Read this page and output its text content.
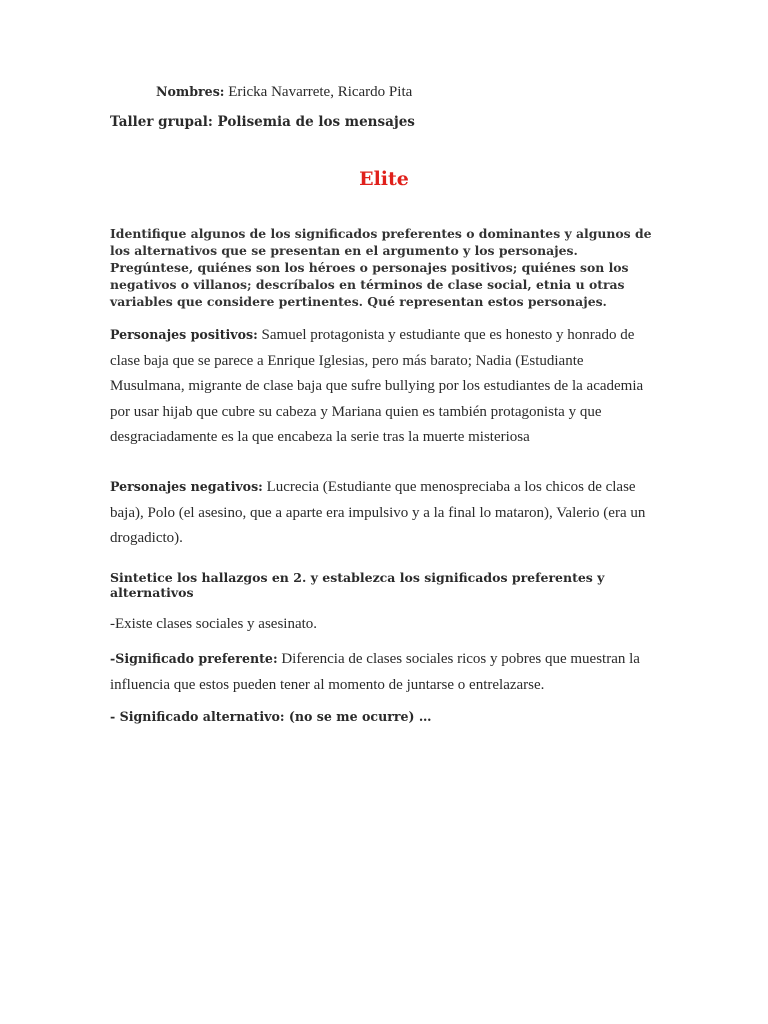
Nombres: Ericka Navarrete, Ricardo Pita
Taller grupal: Polisemia de los mensajes
Elite
Identifique algunos de los significados preferentes o dominantes y algunos de los alternativos que se presentan en el argumento y los personajes. Pregúntese, quiénes son los héroes o personajes positivos; quiénes son los negativos o villanos; descríbalos en términos de clase social, etnia u otras variables que considere pertinentes. Qué representan estos personajes.
Personajes positivos: Samuel protagonista y estudiante que es honesto y honrado de clase baja que se parece a Enrique Iglesias, pero más barato; Nadia (Estudiante Musulmana, migrante de clase baja que sufre bullying por los estudiantes de la academia por usar hijab que cubre su cabeza y Mariana quien es también protagonista y que desgraciadamente es la que encabeza la serie tras la muerte misteriosa
Personajes negativos: Lucrecia (Estudiante que menospreciaba a los chicos de clase baja), Polo (el asesino, que a aparte era impulsivo y a la final lo mataron), Valerio (era un drogadicto).
Sintetice los hallazgos en 2. y establezca los significados preferentes y alternativos
-Existe clases sociales y asesinato.
-Significado preferente: Diferencia de clases sociales ricos y pobres que muestran la influencia que estos pueden tener al momento de juntarse o entrelazarse.
- Significado alternativo: (no se me ocurre) …
